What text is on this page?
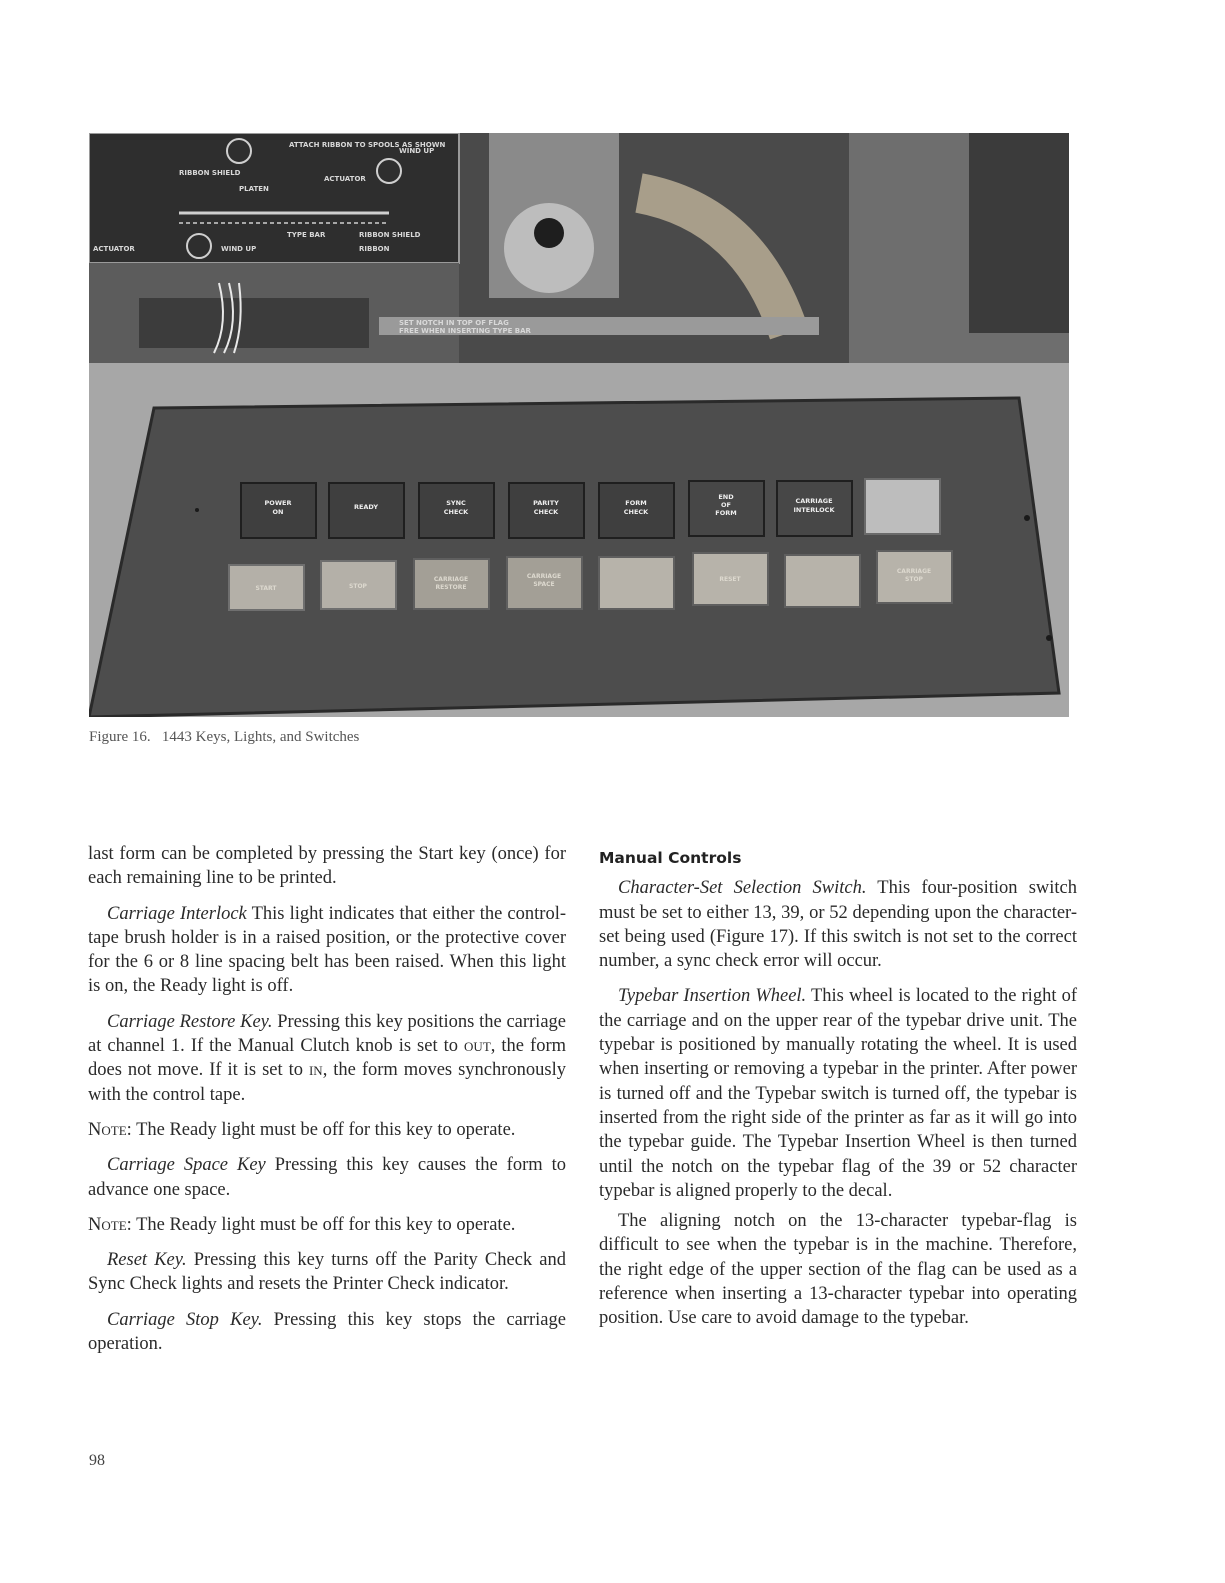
ATTACH RIBBON TO SPOOLS AS SHOWN
RIBBON SHIELD
PLATEN
ACTUATOR
WIND UP
ACTUATOR	WIND UP
TYPE BAR	RIBBON SHIELD
RIBBON
SET NOTCH IN TOP OF FLAG
FREE WHEN INSERTING TYPE BAR
POWER ON
READY	SYNC CHECK
PARITY CHECK
FORM CHECK
END OF FORM
CARRIAGE INTERLOCK
START	STOP
CARRIAGE RESTORE
CARRIAGE SPACE
RESET
CARRIAGE STOP
Figure 16.   1443 Keys, Lights, and Switches

last form can be completed by pressing the Start key (once) for each remaining line to be printed.

Carriage Interlock This light indicates that either the control-tape brush holder is in a raised position, or the protective cover for the 6 or 8 line spacing belt has been raised. When this light is on, the Ready light is off.

Carriage Restore Key. Pressing this key positions the carriage at channel 1. If the Manual Clutch knob is set to out, the form does not move. If it is set to in, the form moves synchronously with the control tape.

Note: The Ready light must be off for this key to operate.

Carriage Space Key Pressing this key causes the form to advance one space.

Note: The Ready light must be off for this key to operate.

Reset Key. Pressing this key turns off the Parity Check and Sync Check lights and resets the Printer Check indicator.

Carriage Stop Key. Pressing this key stops the carriage operation.

Manual Controls

Character-Set Selection Switch. This four-position switch must be set to either 13, 39, or 52 depending upon the character-set being used (Figure 17). If this switch is not set to the correct number, a sync check error will occur.

Typebar Insertion Wheel. This wheel is located to the right of the carriage and on the upper rear of the typebar drive unit. The typebar is positioned by manually rotating the wheel. It is used when inserting or removing a typebar in the printer. After power is turned off and the Typebar switch is turned off, the typebar is inserted from the right side of the printer as far as it will go into the typebar guide. The Typebar Insertion Wheel is then turned until the notch on the typebar flag of the 39 or 52 character typebar is aligned properly to the decal.

The aligning notch on the 13-character typebar-flag is difficult to see when the typebar is in the machine. Therefore, the right edge of the upper section of the flag can be used as a reference when inserting a 13-character typebar into operating position. Use care to avoid damage to the typebar.

98
